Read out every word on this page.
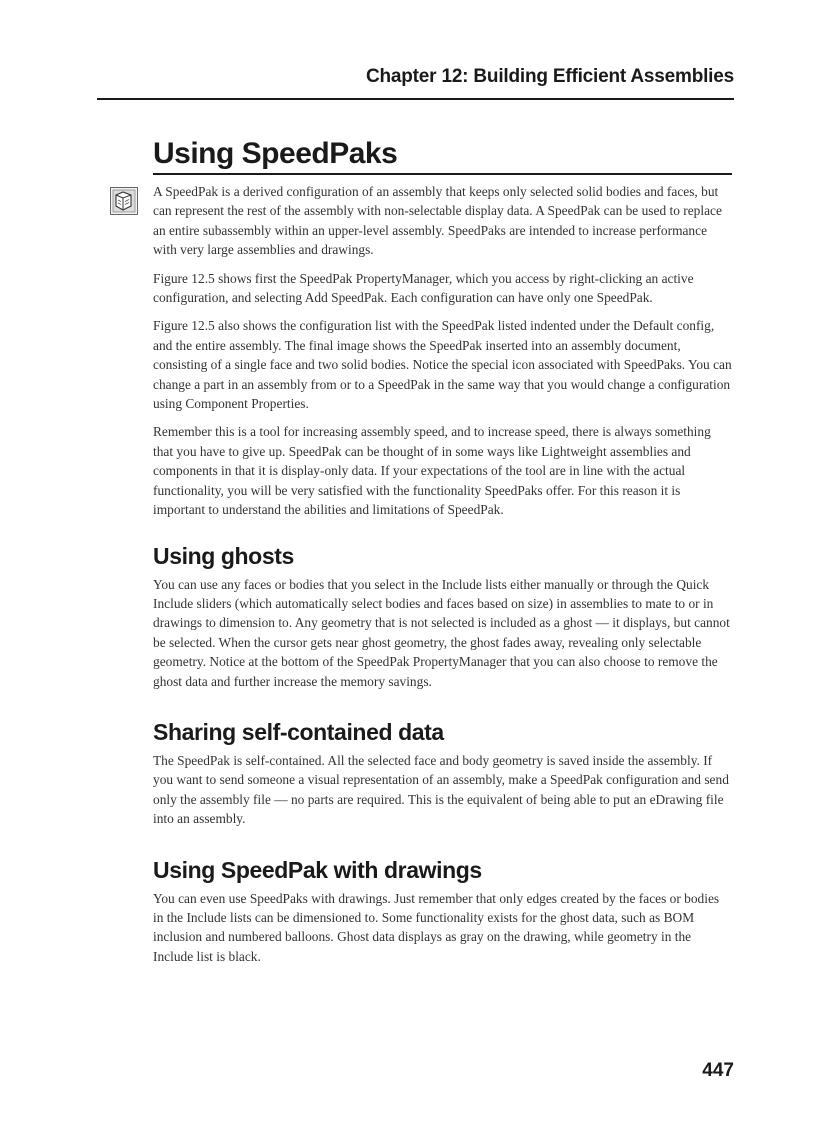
Chapter 12: Building Efficient Assemblies
Using SpeedPaks

A SpeedPak is a derived configuration of an assembly that keeps only selected solid bodies and faces, but can represent the rest of the assembly with non-selectable display data. A SpeedPak can be used to replace an entire subassembly within an upper-level assembly. SpeedPaks are intended to increase performance with very large assemblies and drawings.

Figure 12.5 shows first the SpeedPak PropertyManager, which you access by right-clicking an active configuration, and selecting Add SpeedPak. Each configuration can have only one SpeedPak.

Figure 12.5 also shows the configuration list with the SpeedPak listed indented under the Default config, and the entire assembly. The final image shows the SpeedPak inserted into an assembly document, consisting of a single face and two solid bodies. Notice the special icon associated with SpeedPaks. You can change a part in an assembly from or to a SpeedPak in the same way that you would change a configuration using Component Properties.

Remember this is a tool for increasing assembly speed, and to increase speed, there is always something that you have to give up. SpeedPak can be thought of in some ways like Lightweight assemblies and components in that it is display-only data. If your expectations of the tool are in line with the actual functionality, you will be very satisfied with the functionality SpeedPaks offer. For this reason it is important to understand the abilities and limitations of SpeedPak.

Using ghosts

You can use any faces or bodies that you select in the Include lists either manually or through the Quick Include sliders (which automatically select bodies and faces based on size) in assemblies to mate to or in drawings to dimension to. Any geometry that is not selected is included as a ghost — it displays, but cannot be selected. When the cursor gets near ghost geometry, the ghost fades away, revealing only selectable geometry. Notice at the bottom of the SpeedPak PropertyManager that you can also choose to remove the ghost data and further increase the memory savings.

Sharing self-contained data

The SpeedPak is self-contained. All the selected face and body geometry is saved inside the assembly. If you want to send someone a visual representation of an assembly, make a SpeedPak configuration and send only the assembly file — no parts are required. This is the equivalent of being able to put an eDrawing file into an assembly.

Using SpeedPak with drawings

You can even use SpeedPaks with drawings. Just remember that only edges created by the faces or bodies in the Include lists can be dimensioned to. Some functionality exists for the ghost data, such as BOM inclusion and numbered balloons. Ghost data displays as gray on the drawing, while geometry in the Include list is black.

447
